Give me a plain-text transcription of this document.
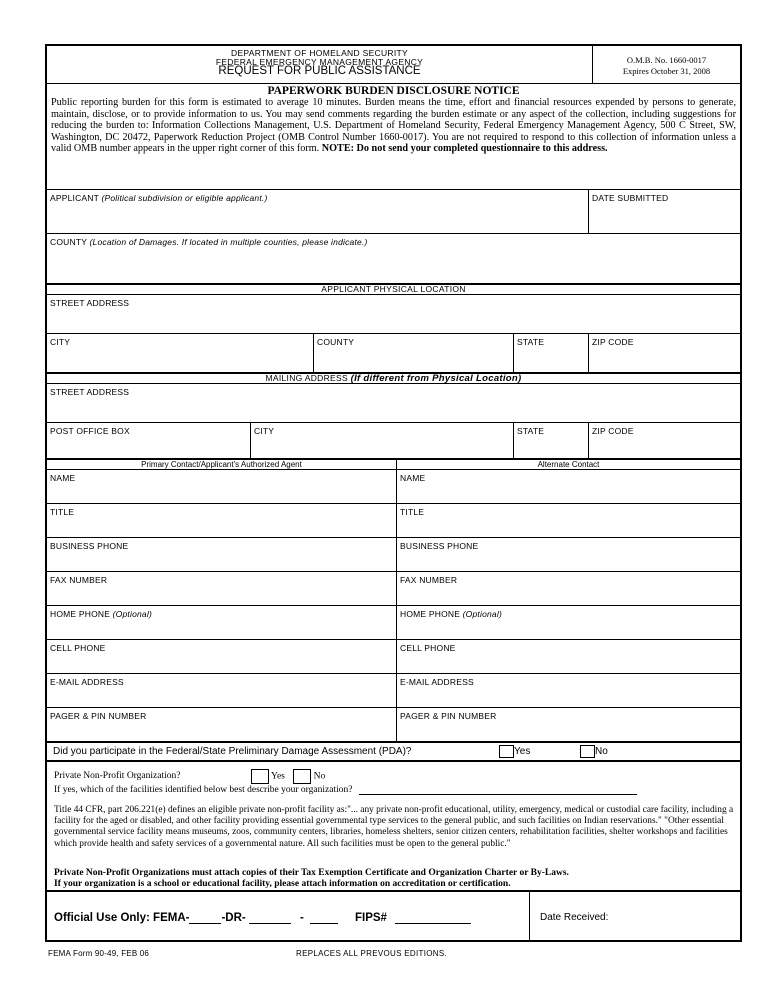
DEPARTMENT OF HOMELAND SECURITY
FEDERAL EMERGENCY MANAGEMENT AGENCY
REQUEST FOR PUBLIC ASSISTANCE
O.M.B. No. 1660-0017
Expires October 31, 2008
PAPERWORK BURDEN DISCLOSURE NOTICE
Public reporting burden for this form is estimated to average 10 minutes. Burden means the time, effort and financial resources expended by persons to generate, maintain, disclose, or to provide information to us. You may send comments regarding the burden estimate or any aspect of the collection, including suggestions for reducing the burden to: Information Collections Management, U.S. Department of Homeland Security, Federal Emergency Management Agency, 500 C Street, SW, Washington, DC 20472, Paperwork Reduction Project (OMB Control Number 1660-0017). You are not required to respond to this collection of information unless a valid OMB number appears in the upper right corner of this form. NOTE: Do not send your completed questionnaire to this address.
APPLICANT (Political subdivision or eligible applicant.)	DATE SUBMITTED
COUNTY (Location of Damages. If located in multiple counties, please indicate.)
APPLICANT PHYSICAL LOCATION
STREET ADDRESS
CITY	COUNTY	STATE	ZIP CODE
MAILING ADDRESS (If different from Physical Location)
STREET ADDRESS
POST OFFICE BOX	CITY	STATE	ZIP CODE
Primary Contact/Applicant's Authorized Agent	Alternate Contact
NAME	NAME
TITLE	TITLE
BUSINESS PHONE	BUSINESS PHONE
FAX NUMBER	FAX NUMBER
HOME PHONE (Optional)	HOME PHONE (Optional)
CELL PHONE	CELL PHONE
E-MAIL ADDRESS	E-MAIL ADDRESS
PAGER & PIN NUMBER	PAGER & PIN NUMBER
Did you participate in the Federal/State Preliminary Damage Assessment (PDA)?	Yes	No
Private Non-Profit Organization?	Yes	No
If yes, which of the facilities identified below best describe your organization?
Title 44 CFR, part 206.221(e) defines an eligible private non-profit facility as:"... any private non-profit educational, utility, emergency, medical or custodial care facility, including a facility for the aged or disabled, and other facility providing essential governmental type services to the general public, and such facilities on Indian reservations." "Other essential governmental service facility means museums, zoos, community centers, libraries, homeless shelters, senior citizen centers, rehabilitation facilities, shelter workshops and facilities which provide health and safety services of a governmental nature. All such facilities must be open to the general public."
Private Non-Profit Organizations must attach copies of their Tax Exemption Certificate and Organization Charter or By-Laws.
If your organization is a school or educational facility, please attach information on accreditation or certification.
Official Use Only: FEMA-	-DR-	-	FIPS#	Date Received:
FEMA Form 90-49, FEB 06	REPLACES ALL PREVOUS EDITIONS.
